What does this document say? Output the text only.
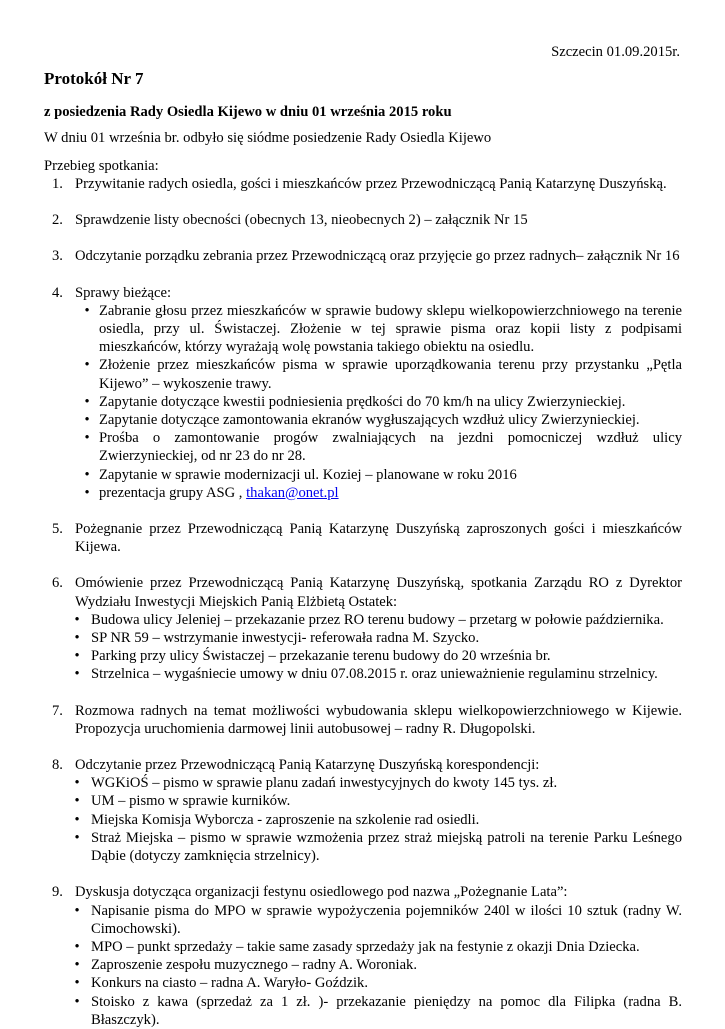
Szczecin 01.09.2015r.
Protokół Nr 7
z posiedzenia Rady Osiedla Kijewo w dniu 01 września 2015 roku
W dniu 01 września br. odbyło się siódme posiedzenie Rady Osiedla Kijewo
Przebieg spotkania:
1. Przywitanie radych osiedla, gości i mieszkańców przez Przewodniczącą Panią Katarzynę Duszyńską.
2. Sprawdzenie listy obecności (obecnych 13, nieobecnych 2) – załącznik Nr 15
3. Odczytanie porządku zebrania przez Przewodniczącą oraz przyjęcie go przez radnych– załącznik Nr 16
4. Sprawy bieżące:
• Zabranie głosu przez mieszkańców w sprawie budowy sklepu wielkopowierzchniowego na terenie osiedla, przy ul. Świstaczej. Złożenie w tej sprawie pisma oraz kopii listy z podpisami mieszkańców, którzy wyrażają wolę powstania takiego obiektu na osiedlu.
• Złożenie przez mieszkańców pisma w sprawie uporządkowania terenu przy przystanku „Pętla Kijewo” – wykoszenie trawy.
• Zapytanie dotyczące kwestii podniesienia prędkości do 70 km/h na ulicy Zwierzynieckiej.
• Zapytanie dotyczące zamontowania ekranów wygłuszających wzdłuż ulicy Zwierzynieckiej.
• Prośba o zamontowanie progów zwalniających na jezdni pomocniczej wzdłuż ulicy Zwierzynieckiej, od nr 23 do nr 28.
• Zapytanie w sprawie modernizacji ul. Koziej – planowane w roku 2016
• prezentacja grupy ASG , thakan@onet.pl
5. Pożegnanie przez Przewodniczącą Panią Katarzynę Duszyńską zaproszonych gości i mieszkańców Kijewa.
6. Omówienie przez Przewodniczącą Panią Katarzynę Duszyńską, spotkania Zarządu RO z Dyrektor Wydziału Inwestycji Miejskich Panią Elżbietą Ostatek:
• Budowa ulicy Jeleniej – przekazanie przez RO terenu budowy – przetarg w połowie października.
• SP NR 59 – wstrzymanie inwestycji- referowała radna M. Szycko.
• Parking przy ulicy Świstaczej – przekazanie terenu budowy do 20 września br.
• Strzelnica – wygaśniecie umowy w dniu 07.08.2015 r. oraz unieważnienie regulaminu strzelnicy.
7. Rozmowa radnych na temat możliwości wybudowania sklepu wielkopowierzchniowego w Kijewie. Propozycja uruchomienia darmowej linii autobusowej – radny R. Długopolski.
8. Odczytanie przez Przewodniczącą Panią Katarzynę Duszyńską korespondencji:
• WGKiOŚ – pismo w sprawie planu zadań inwestycyjnych do kwoty 145 tys. zł.
• UM – pismo w sprawie kurników.
• Miejska Komisja Wyborcza - zaproszenie na szkolenie rad osiedli.
• Straż Miejska – pismo w sprawie wzmożenia przez straż miejską patroli na terenie Parku Leśnego Dąbie (dotyczy zamknięcia strzelnicy).
9. Dyskusja dotycząca organizacji festynu osiedlowego pod nazwa „Pożegnanie Lata”:
• Napisanie pisma do MPO w sprawie wypożyczenia pojemników 240l w ilości 10 sztuk (radny W. Cimochowski).
• MPO – punkt sprzedaży – takie same zasady sprzedaży jak na festynie z okazji Dnia Dziecka.
• Zaproszenie zespołu muzycznego – radny A. Woroniak.
• Konkurs na ciasto – radna A. Waryło- Goździk.
• Stoisko z kawa (sprzedaż za 1 zł. )- przekazanie pieniędzy na pomoc dla Filipka (radna B. Błaszczyk).
